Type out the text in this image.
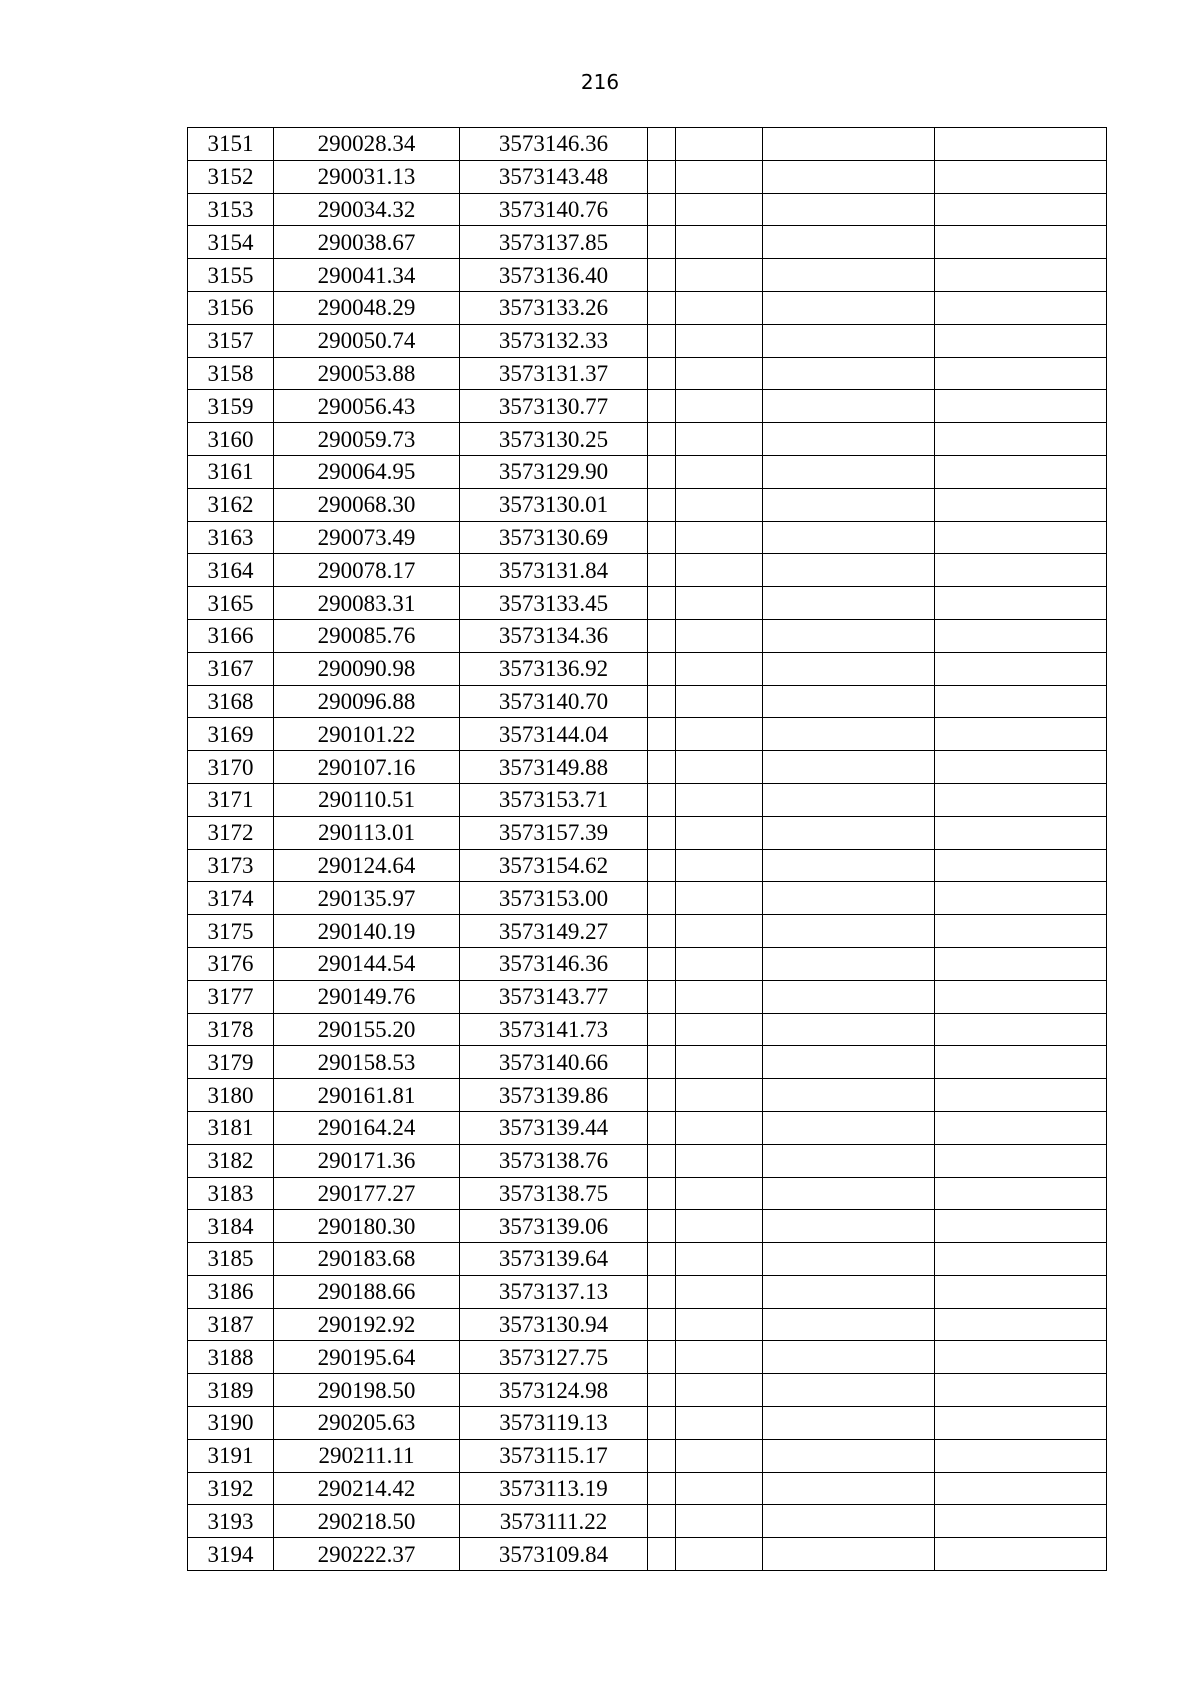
216
3151	290028.34	3573146.36				
3152	290031.13	3573143.48				
3153	290034.32	3573140.76				
3154	290038.67	3573137.85				
3155	290041.34	3573136.40				
3156	290048.29	3573133.26				
3157	290050.74	3573132.33				
3158	290053.88	3573131.37				
3159	290056.43	3573130.77				
3160	290059.73	3573130.25				
3161	290064.95	3573129.90				
3162	290068.30	3573130.01				
3163	290073.49	3573130.69				
3164	290078.17	3573131.84				
3165	290083.31	3573133.45				
3166	290085.76	3573134.36				
3167	290090.98	3573136.92				
3168	290096.88	3573140.70				
3169	290101.22	3573144.04				
3170	290107.16	3573149.88				
3171	290110.51	3573153.71				
3172	290113.01	3573157.39				
3173	290124.64	3573154.62				
3174	290135.97	3573153.00				
3175	290140.19	3573149.27				
3176	290144.54	3573146.36				
3177	290149.76	3573143.77				
3178	290155.20	3573141.73				
3179	290158.53	3573140.66				
3180	290161.81	3573139.86				
3181	290164.24	3573139.44				
3182	290171.36	3573138.76				
3183	290177.27	3573138.75				
3184	290180.30	3573139.06				
3185	290183.68	3573139.64				
3186	290188.66	3573137.13				
3187	290192.92	3573130.94				
3188	290195.64	3573127.75				
3189	290198.50	3573124.98				
3190	290205.63	3573119.13				
3191	290211.11	3573115.17				
3192	290214.42	3573113.19				
3193	290218.50	3573111.22				
3194	290222.37	3573109.84				
